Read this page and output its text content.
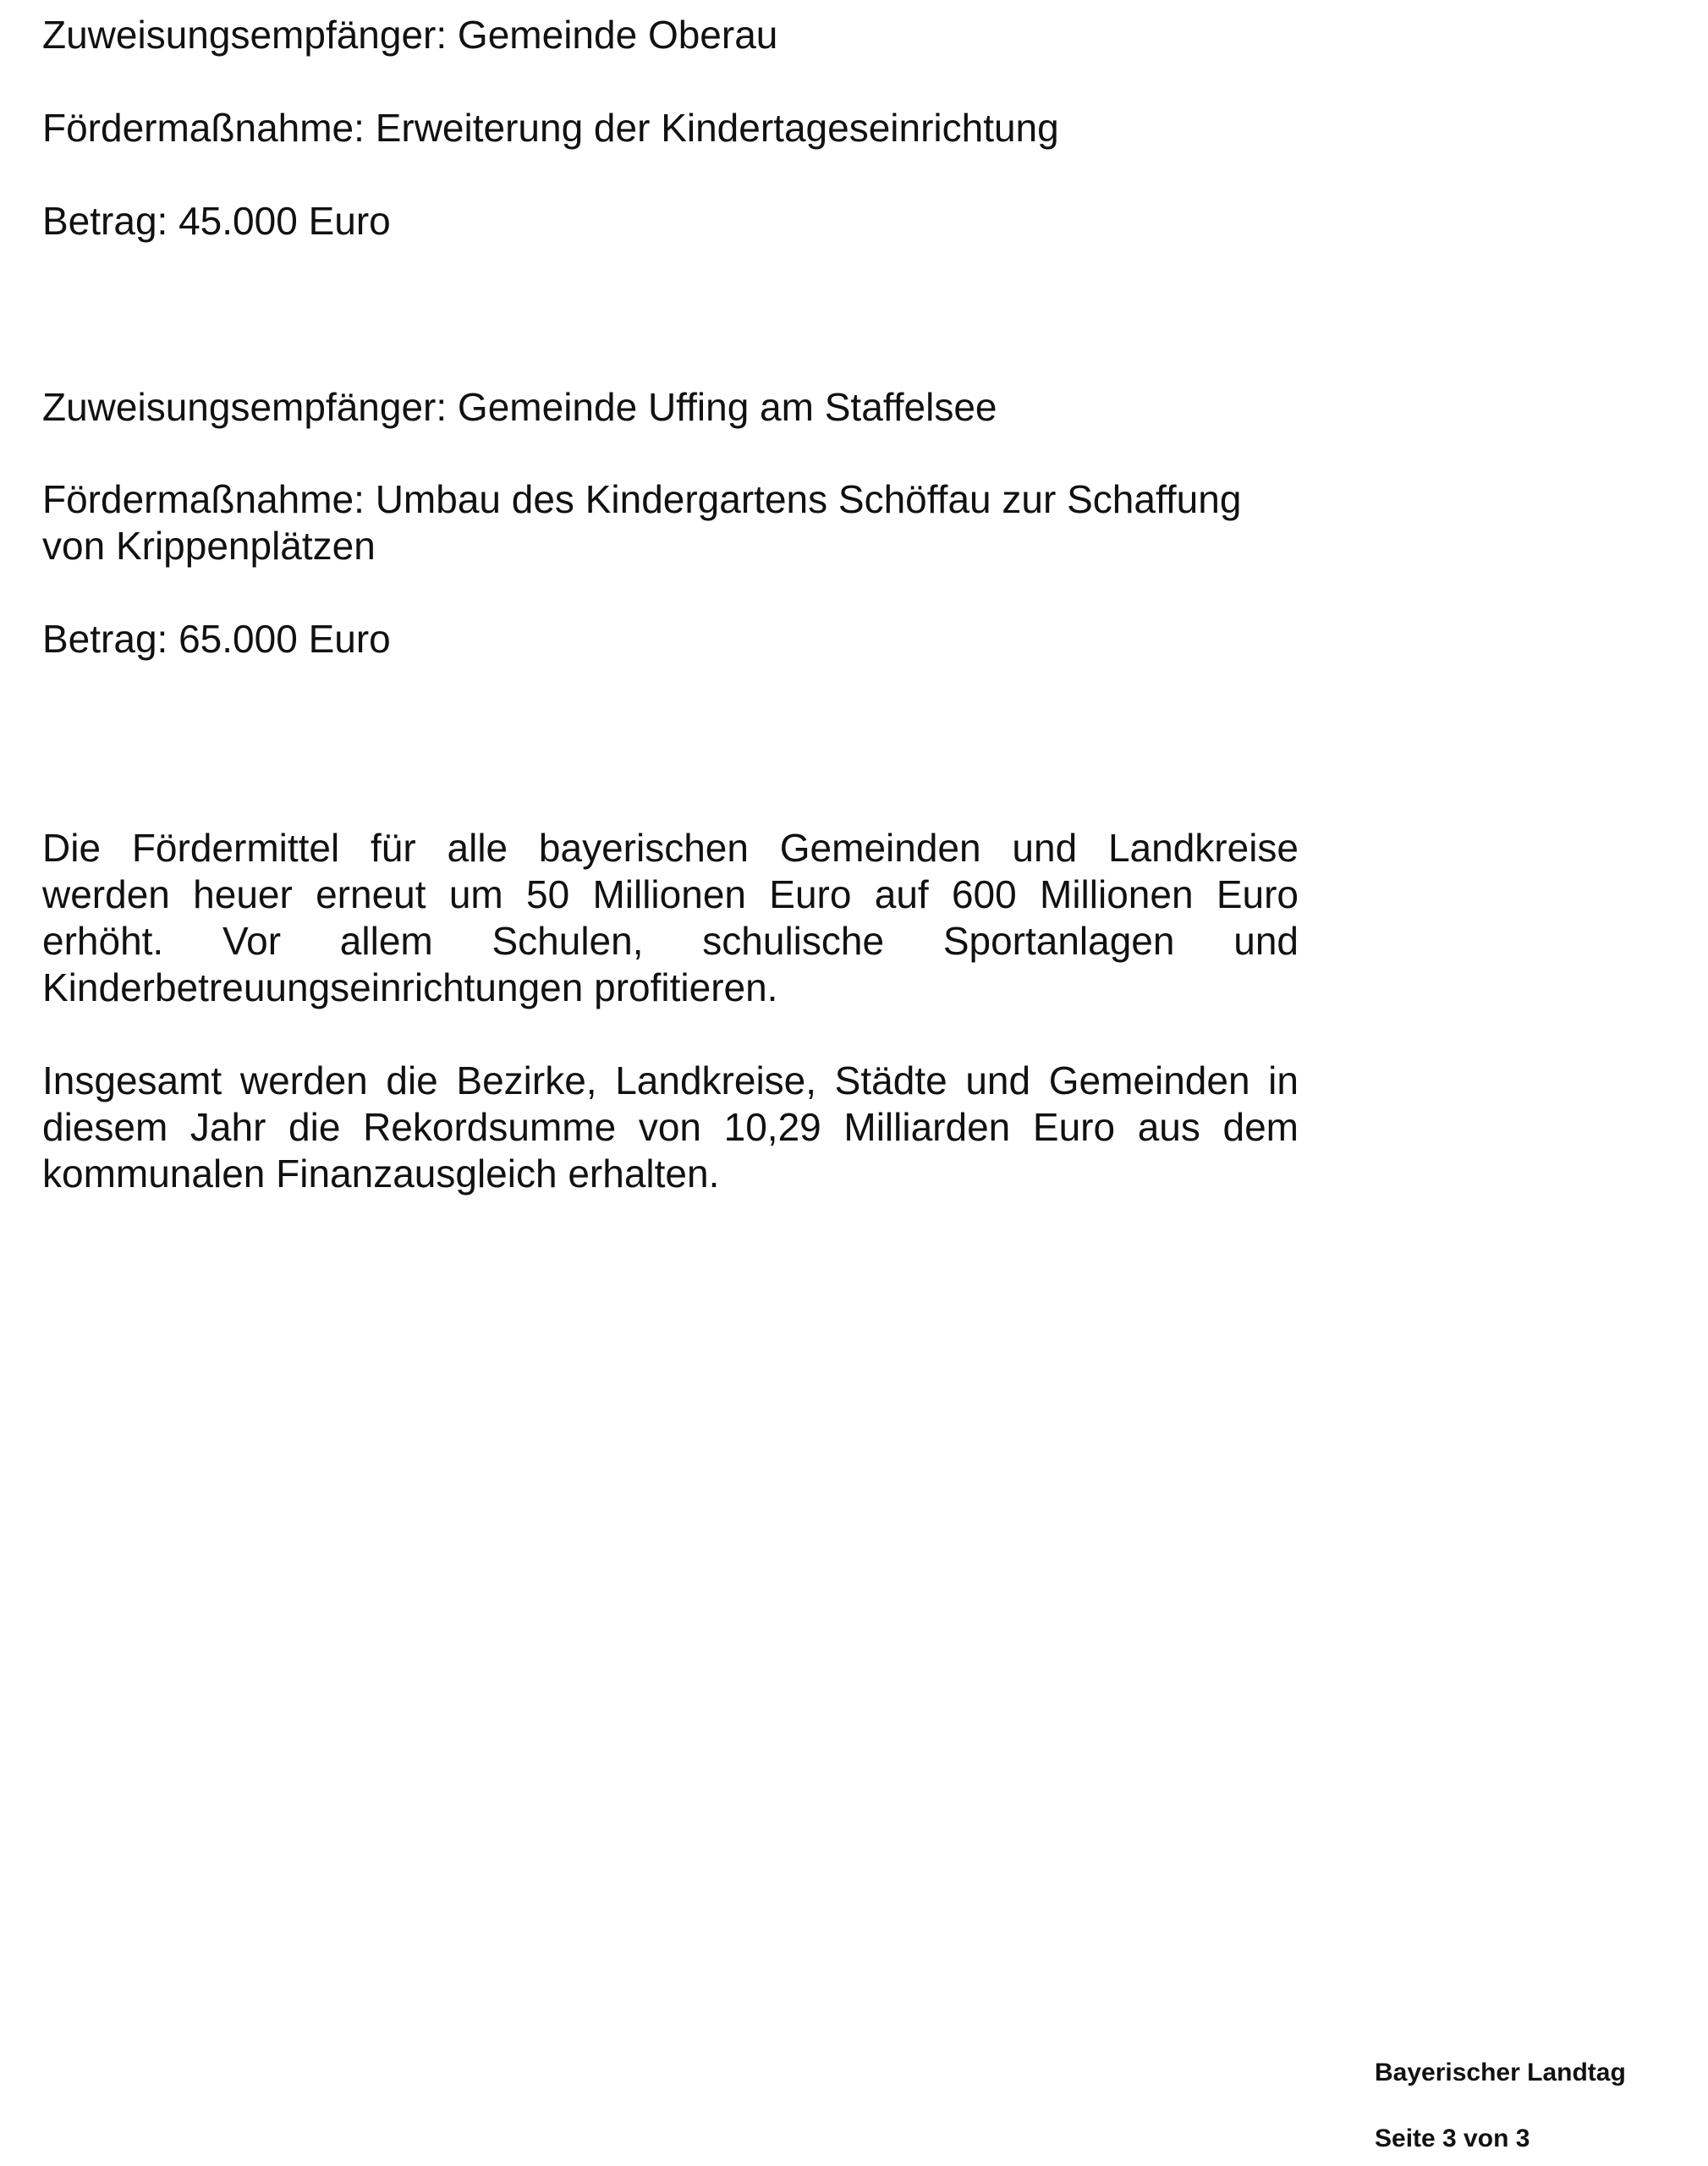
Zuweisungsempfänger: Gemeinde Oberau
Fördermaßnahme: Erweiterung der Kindertageseinrichtung
Betrag: 45.000 Euro
Zuweisungsempfänger: Gemeinde Uffing am Staffelsee
Fördermaßnahme: Umbau des Kindergartens Schöffau zur Schaffung
von Krippenplätzen
Betrag: 65.000 Euro
Die Fördermittel für alle bayerischen Gemeinden und Landkreise
werden heuer erneut um 50 Millionen Euro auf 600 Millionen Euro
erhöht. Vor allem Schulen, schulische Sportanlagen und
Kinderbetreuungseinrichtungen profitieren.
Insgesamt werden die Bezirke, Landkreise, Städte und Gemeinden in
diesem Jahr die Rekordsumme von 10,29 Milliarden Euro aus dem
kommunalen Finanzausgleich erhalten.
Bayerischer Landtag
Seite 3 von 3
